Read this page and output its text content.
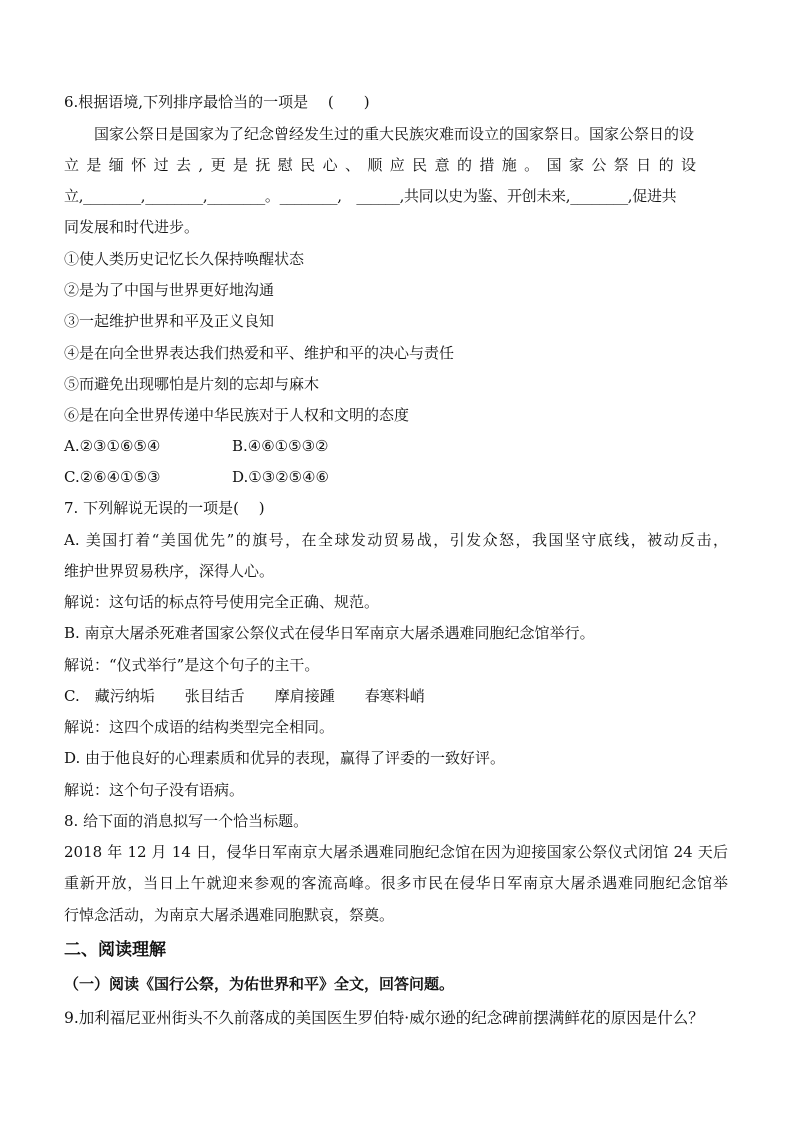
6.根据语境,下列排序最恰当的一项是　 (　　)
国家公祭日是国家为了纪念曾经发生过的重大民族灾难而设立的国家祭日。国家公祭日的设
立是缅怀过去,更是抚慰民心、顺应民意的措施。国家公祭日的设
立,________,________,________。________,　______,共同以史为鉴、开创未来,________,促进共
同发展和时代进步。
①使人类历史记忆长久保持唤醒状态
②是为了中国与世界更好地沟通
③一起维护世界和平及正义良知
④是在向全世界表达我们热爱和平、维护和平的决心与责任
⑤而避免出现哪怕是片刻的忘却与麻木
⑥是在向全世界传递中华民族对于人权和文明的态度
A.②③①⑥⑤④	B.④⑥①⑤③②
C.②⑥④①⑤③	D.①③②⑤④⑥
7. 下列解说无误的一项是(　 )
A. 美国打着“美国优先”的旗号，在全球发动贸易战，引发众怒，我国坚守底线，被动反击，
维护世界贸易秩序，深得人心。
解说：这句话的标点符号使用完全正确、规范。
B. 南京大屠杀死难者国家公祭仪式在侵华日军南京大屠杀遇难同胞纪念馆举行。
解说：“仪式举行”是这个句子的主干。
C.　藏污纳垢　　张目结舌　　摩肩接踵　　春寒料峭
解说：这四个成语的结构类型完全相同。
D. 由于他良好的心理素质和优异的表现，赢得了评委的一致好评。
解说：这个句子没有语病。
8. 给下面的消息拟写一个恰当标题。
2018 年 12 月 14 日，侵华日军南京大屠杀遇难同胞纪念馆在因为迎接国家公祭仪式闭馆 24 天后
重新开放，当日上午就迎来参观的客流高峰。很多市民在侵华日军南京大屠杀遇难同胞纪念馆举
行悼念活动，为南京大屠杀遇难同胞默哀，祭奠。
二、阅读理解
（一）阅读《国行公祭，为佑世界和平》全文，回答问题。
9.加利福尼亚州街头不久前落成的美国医生罗伯特·威尔逊的纪念碑前摆满鲜花的原因是什么？
